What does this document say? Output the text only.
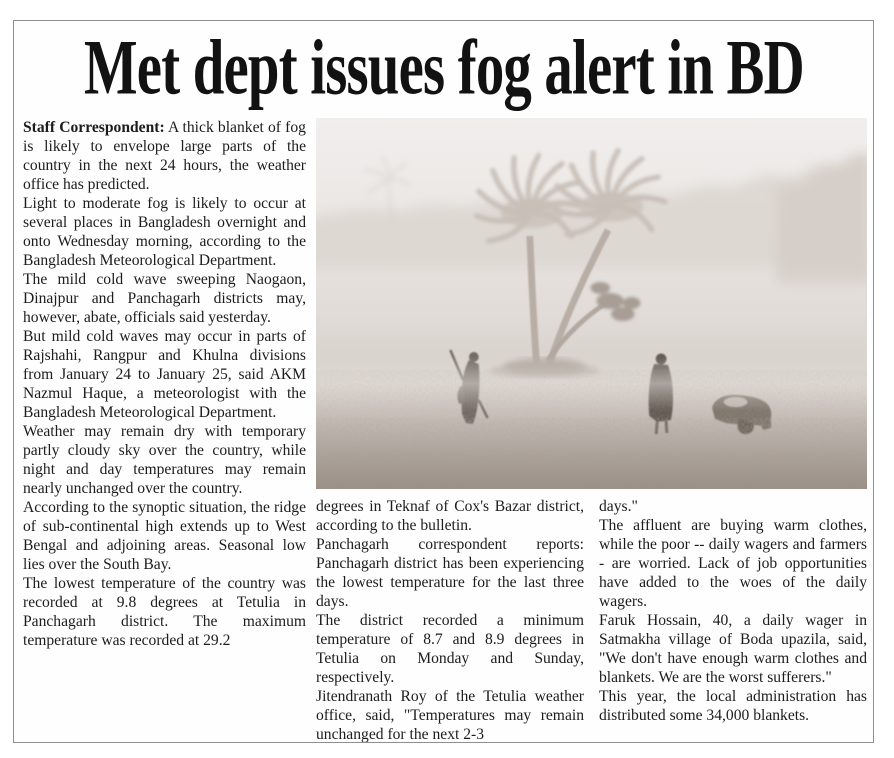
Met dept issues fog alert in BD

Staff Correspondent: A thick blanket of fog is likely to envelope large parts of the country in the next 24 hours, the weather office has predicted.

Light to moderate fog is likely to occur at several places in Bangladesh overnight and onto Wednesday morning, according to the Bangladesh Meteorological Department.

The mild cold wave sweeping Naogaon, Dinajpur and Panchagarh districts may, however, abate, officials said yesterday.

But mild cold waves may occur in parts of Rajshahi, Rangpur and Khulna divisions from January 24 to January 25, said AKM Nazmul Haque, a meteorologist with the Bangladesh Meteorological Department.

Weather may remain dry with temporary partly cloudy sky over the country, while night and day temperatures may remain nearly unchanged over the country.

According to the synoptic situation, the ridge of sub-continental high extends up to West Bengal and adjoining areas. Seasonal low lies over the South Bay.

The lowest temperature of the country was recorded at 9.8 degrees at Tetulia in Panchagarh district. The maximum temperature was recorded at 29.2

degrees in Teknaf of Cox's Bazar district, according to the bulletin.

Panchagarh correspondent reports: Panchagarh district has been experiencing the lowest temperature for the last three days.

The district recorded a minimum temperature of 8.7 and 8.9 degrees in Tetulia on Monday and Sunday, respectively.

Jitendranath Roy of the Tetulia weather office, said, "Temperatures may remain unchanged for the next 2-3

days."

The affluent are buying warm clothes, while the poor -- daily wagers and farmers - are worried. Lack of job opportunities have added to the woes of the daily wagers.

Faruk Hossain, 40, a daily wager in Satmakha village of Boda upazila, said, "We don't have enough warm clothes and blankets. We are the worst sufferers."

This year, the local administration has distributed some 34,000 blankets.
